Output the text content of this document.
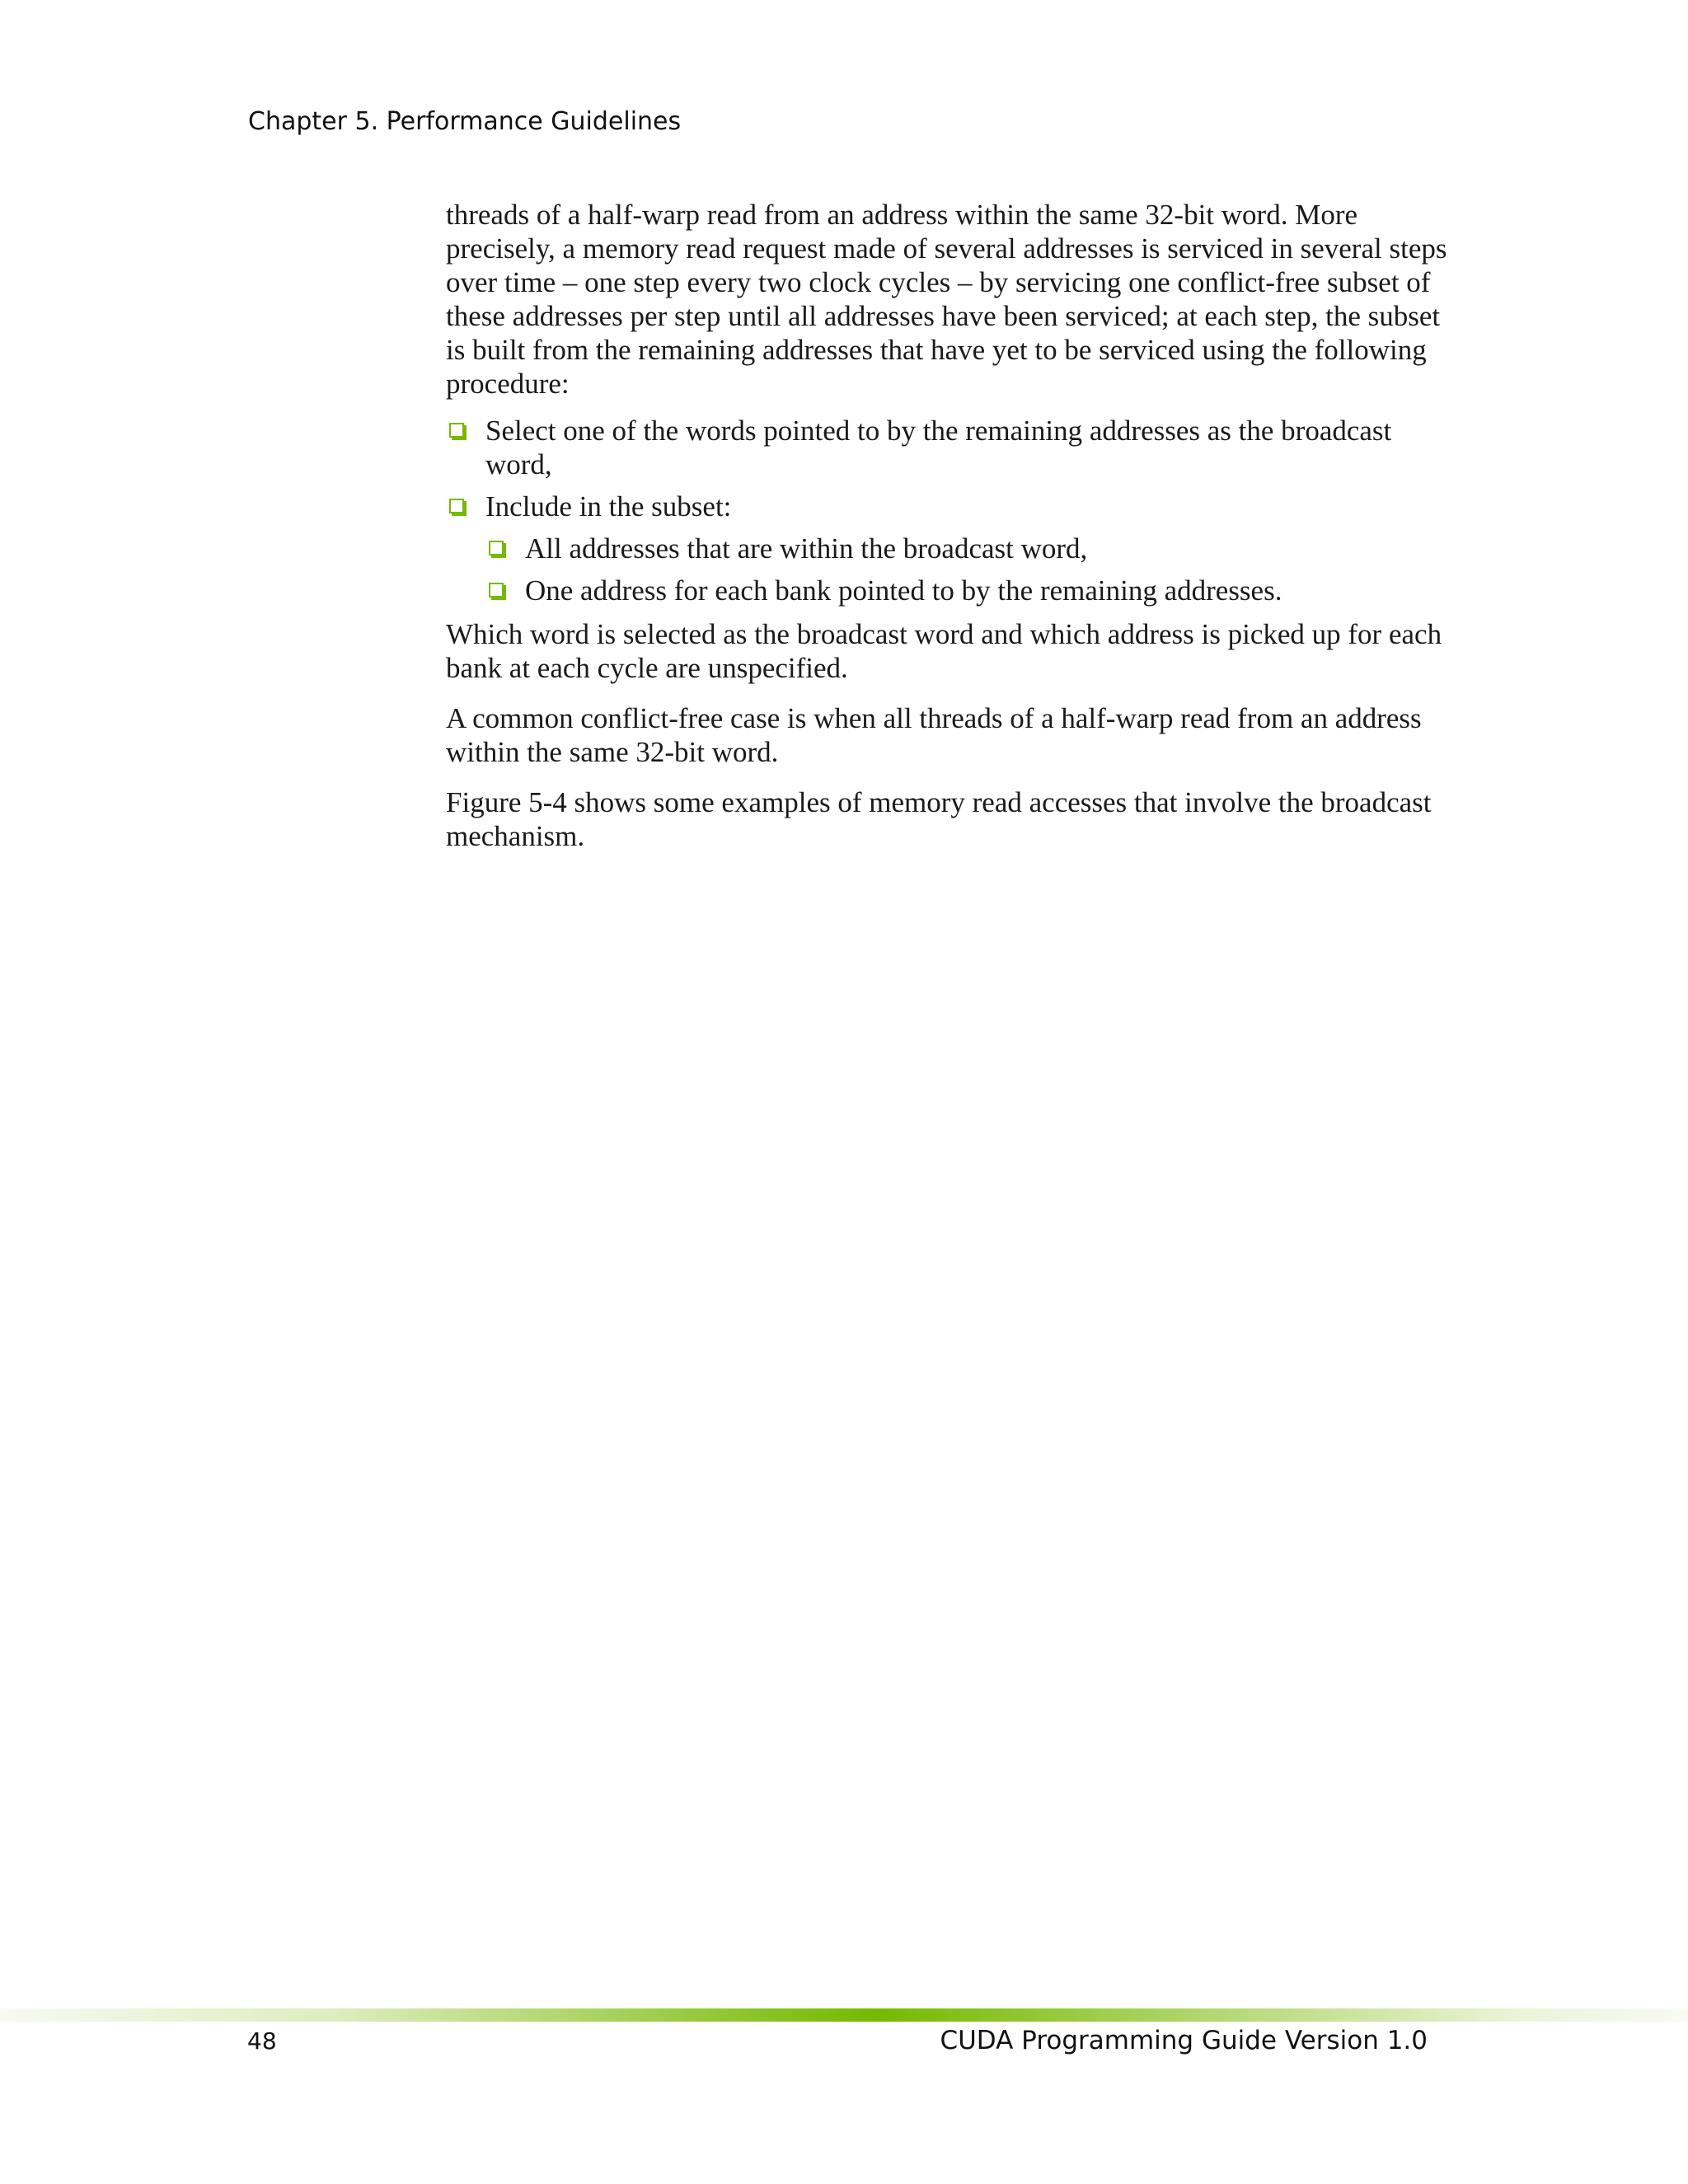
Chapter 5. Performance Guidelines

threads of a half-warp read from an address within the same 32-bit word. More precisely, a memory read request made of several addresses is serviced in several steps over time – one step every two clock cycles – by servicing one conflict-free subset of these addresses per step until all addresses have been serviced; at each step, the subset is built from the remaining addresses that have yet to be serviced using the following procedure:

Select one of the words pointed to by the remaining addresses as the broadcast word,
Include in the subset:
All addresses that are within the broadcast word,
One address for each bank pointed to by the remaining addresses.

Which word is selected as the broadcast word and which address is picked up for each bank at each cycle are unspecified.

A common conflict-free case is when all threads of a half-warp read from an address within the same 32-bit word.

Figure 5-4 shows some examples of memory read accesses that involve the broadcast mechanism.

48	CUDA Programming Guide Version 1.0
